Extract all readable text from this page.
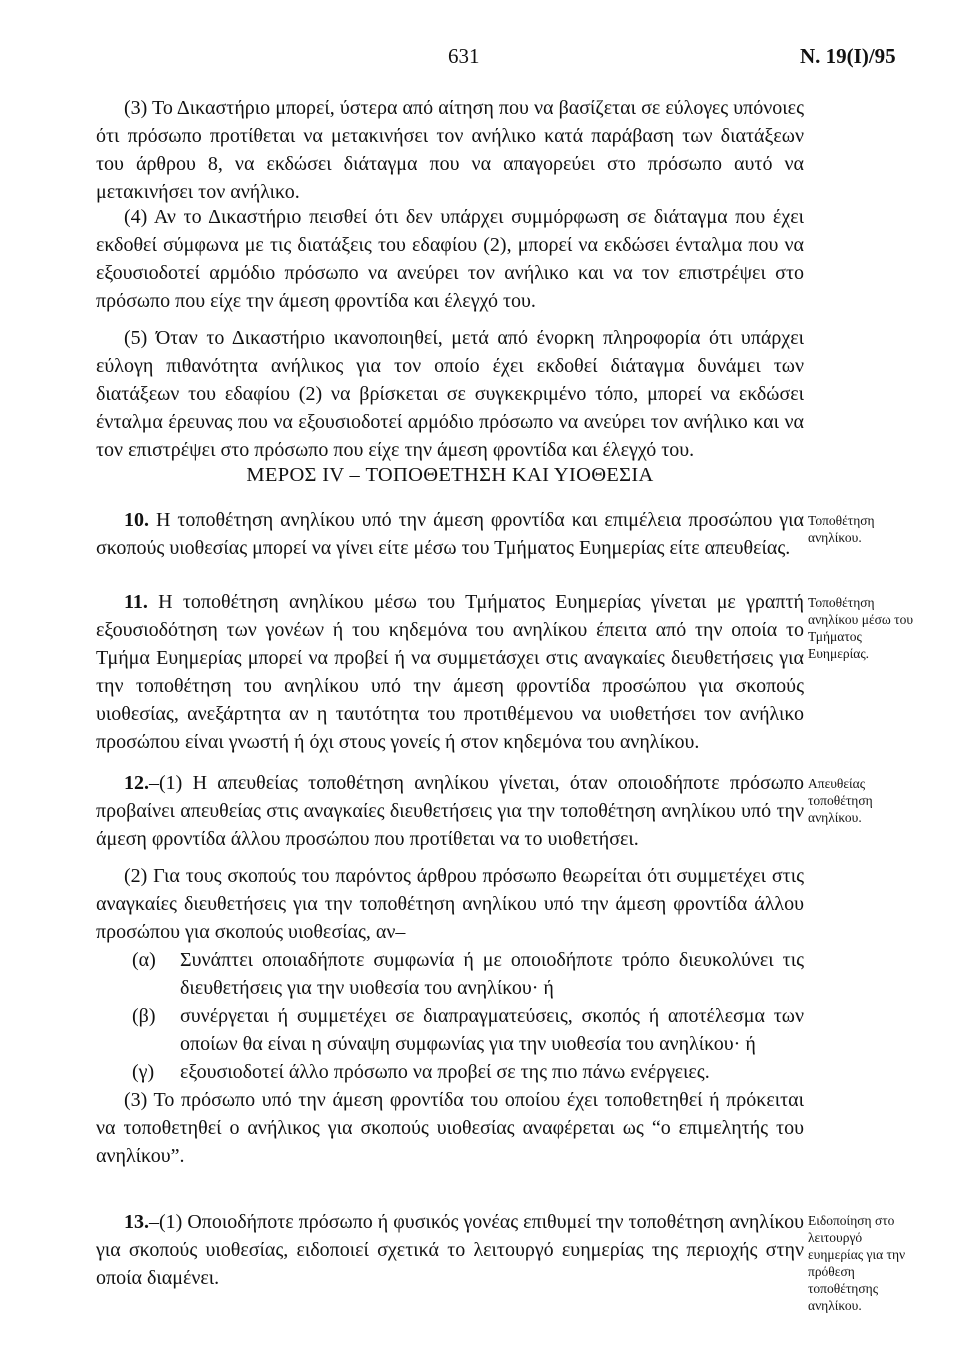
631	Ν. 19(Ι)/95

(3) Το Δικαστήριο μπορεί, ύστερα από αίτηση που να βασίζεται σε εύλογες υπόνοιες ότι πρόσωπο προτίθεται να μετακινήσει τον ανήλικο κατά παράβαση των διατάξεων του άρθρου 8, να εκδώσει διάταγμα που να απαγορεύει στο πρόσωπο αυτό να μετακινήσει τον ανήλικο.

(4) Αν το Δικαστήριο πεισθεί ότι δεν υπάρχει συμμόρφωση σε διάταγμα που έχει εκδοθεί σύμφωνα με τις διατάξεις του εδαφίου (2), μπορεί να εκδώσει ένταλμα που να εξουσιοδοτεί αρμόδιο πρόσωπο να ανεύρει τον ανήλικο και να τον επιστρέψει στο πρόσωπο που είχε την άμεση φροντίδα και έλεγχό του.

(5) Όταν το Δικαστήριο ικανοποιηθεί, μετά από ένορκη πληροφορία ότι υπάρχει εύλογη πιθανότητα ανήλικος για τον οποίο έχει εκδοθεί διάταγμα δυνάμει των διατάξεων του εδαφίου (2) να βρίσκεται σε συγκεκριμένο τόπο, μπορεί να εκδώσει ένταλμα έρευνας που να εξουσιοδοτεί αρμόδιο πρόσωπο να ανεύρει τον ανήλικο και να τον επιστρέψει στο πρόσωπο που είχε την άμεση φροντίδα και έλεγχό του.

ΜΕΡΟΣ IV – ΤΟΠΟΘΕΤΗΣΗ ΚΑΙ ΥΙΟΘΕΣΙΑ

10. Η τοποθέτηση ανηλίκου υπό την άμεση φροντίδα και επιμέλεια προσώπου για σκοπούς υιοθεσίας μπορεί να γίνει είτε μέσω του Τμήματος Ευημερίας είτε απευθείας.

Τοποθέτηση ανηλίκου.

11. Η τοποθέτηση ανηλίκου μέσω του Τμήματος Ευημερίας γίνεται με γραπτή εξουσιοδότηση των γονέων ή του κηδεμόνα του ανηλίκου έπειτα από την οποία το Τμήμα Ευημερίας μπορεί να προβεί ή να συμμετάσχει στις αναγκαίες διευθετήσεις για την τοποθέτηση του ανηλίκου υπό την άμεση φροντίδα προσώπου για σκοπούς υιοθεσίας, ανεξάρτητα αν η ταυτότητα του προτιθέμενου να υιοθετήσει τον ανήλικο προσώπου είναι γνωστή ή όχι στους γονείς ή στον κηδεμόνα του ανηλίκου.

Τοποθέτηση ανηλίκου μέσω του Τμήματος Ευημερίας.

12.–(1) Η απευθείας τοποθέτηση ανηλίκου γίνεται, όταν οποιοδήποτε πρόσωπο προβαίνει απευθείας στις αναγκαίες διευθετήσεις για την τοποθέτηση ανηλίκου υπό την άμεση φροντίδα άλλου προσώπου που προτίθεται να το υιοθετήσει.

(2) Για τους σκοπούς του παρόντος άρθρου πρόσωπο θεωρείται ότι συμμετέχει στις αναγκαίες διευθετήσεις για την τοποθέτηση ανηλίκου υπό την άμεση φροντίδα άλλου προσώπου για σκοπούς υιοθεσίας, αν–

(α)	Συνάπτει οποιαδήποτε συμφωνία ή με οποιοδήποτε τρόπο διευκολύνει τις διευθετήσεις για την υιοθεσία του ανηλίκου· ή
(β)	συνέργεται ή συμμετέχει σε διαπραγματεύσεις, σκοπός ή αποτέλεσμα των οποίων θα είναι η σύναψη συμφωνίας για την υιοθεσία του ανηλίκου· ή
(γ)	εξουσιοδοτεί άλλο πρόσωπο να προβεί σε της πιο πάνω ενέργειες.

(3) Το πρόσωπο υπό την άμεση φροντίδα του οποίου έχει τοποθετηθεί ή πρόκειται να τοποθετηθεί ο ανήλικος για σκοπούς υιοθεσίας αναφέρεται ως “ο επιμελητής του ανηλίκου”.

Απευθείας τοποθέτηση ανηλίκου.

13.–(1) Οποιοδήποτε πρόσωπο ή φυσικός γονέας επιθυμεί την τοποθέτηση ανηλίκου για σκοπούς υιοθεσίας, ειδοποιεί σχετικά το λειτουργό ευημερίας της περιοχής στην οποία διαμένει.

Ειδοποίηση στο λειτουργό ευημερίας για την πρόθεση τοποθέτησης ανηλίκου.
